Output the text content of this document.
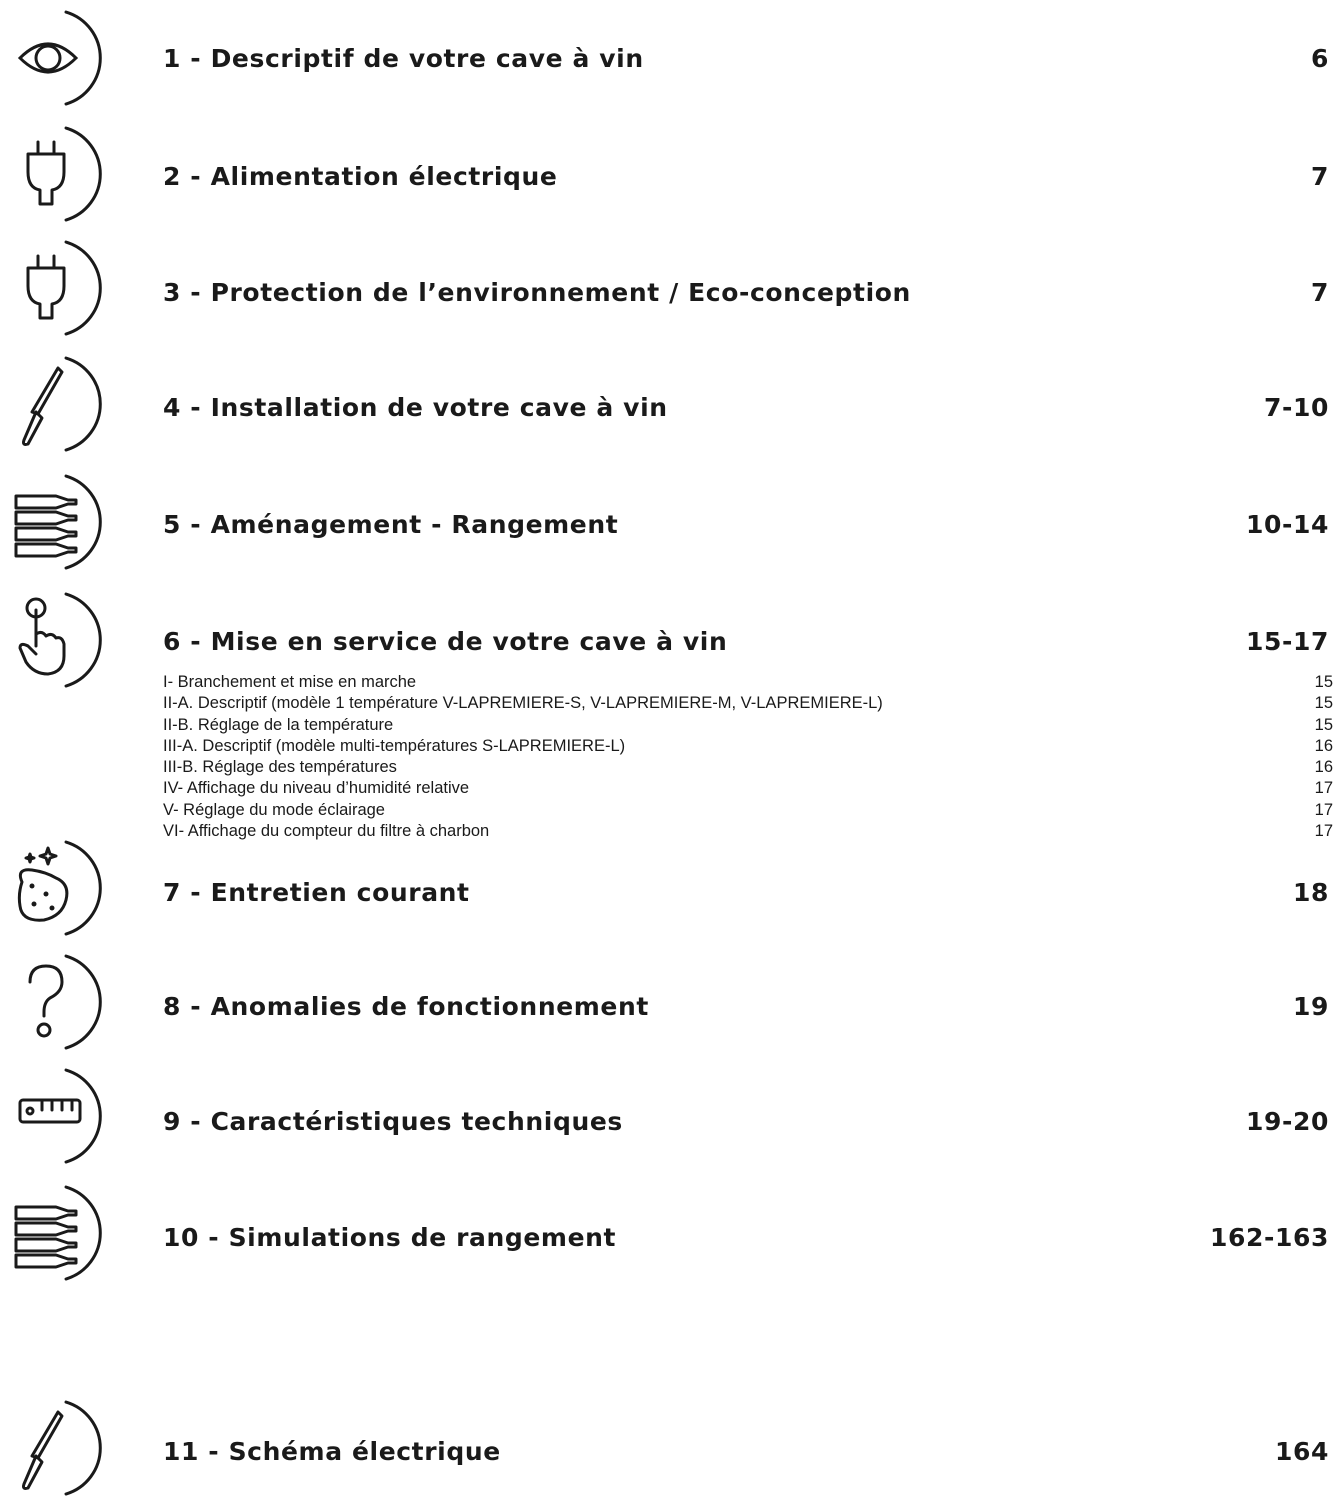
1 - Descriptif de votre cave à vin	6
2 - Alimentation électrique	7
3 - Protection de l’environnement / Eco-conception	7
4 - Installation de votre cave à vin	7-10
5 - Aménagement - Rangement	10-14
6 - Mise en service de votre cave à vin	15-17
I- Branchement et mise en marche	15
II-A. Descriptif (modèle 1 température V-LAPREMIERE-S, V-LAPREMIERE-M, V-LAPREMIERE-L)	15
II-B. Réglage de la température	15
III-A. Descriptif (modèle multi-températures S-LAPREMIERE-L)	16
III-B. Réglage des températures	16
IV- Affichage du niveau d’humidité relative	17
V- Réglage du mode éclairage	17
VI- Affichage du compteur du filtre à charbon	17
7 - Entretien courant	18
8 - Anomalies de fonctionnement	19
9 - Caractéristiques techniques	19-20
10 - Simulations de rangement	162-163
11 - Schéma électrique	164
